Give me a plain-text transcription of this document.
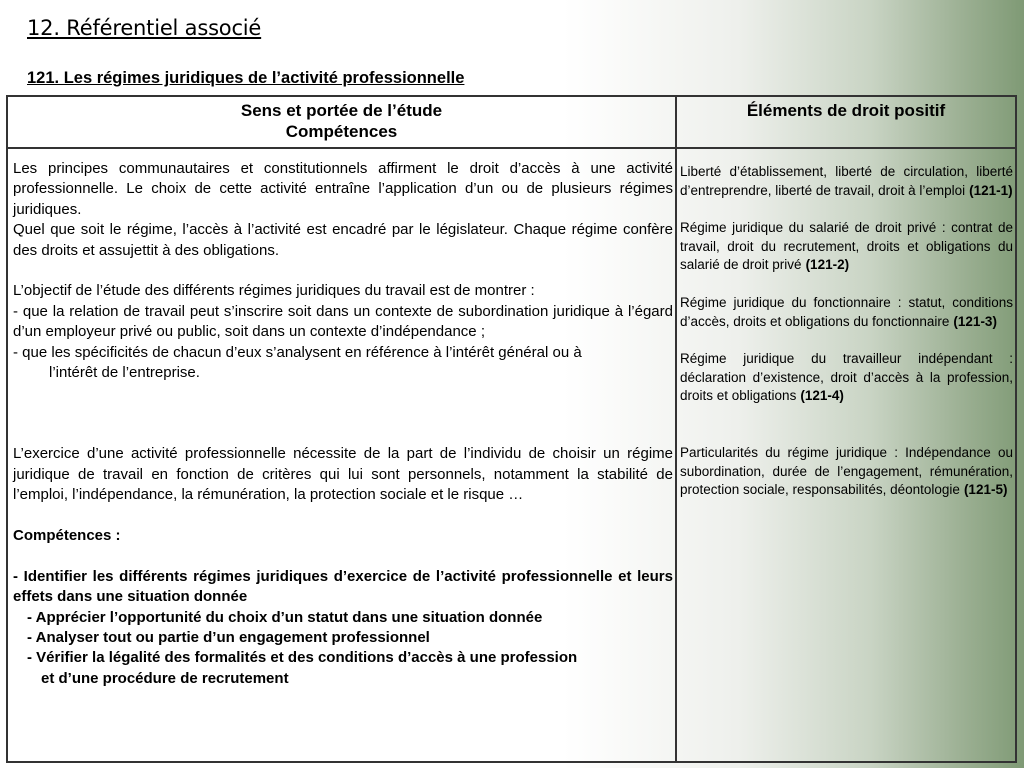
12. Référentiel associé
121. Les régimes juridiques de l’activité professionnelle
Sens et portée de l’étude
Compétences
Éléments de droit positif

Les principes communautaires et constitutionnels affirment le droit d’accès à une activité professionnelle. Le choix de cette activité entraîne l’application d’un ou de plusieurs régimes juridiques.

Quel que soit le régime, l’accès à l’activité est encadré par le législateur. Chaque régime confère des droits et assujettit à des obligations.

L’objectif de l’étude des différents régimes juridiques du travail est de montrer :

- que la relation de travail peut s’inscrire soit dans un contexte de subordination juridique à l’égard d’un employeur privé ou public, soit dans un contexte d’indépendance ;

- que les spécificités de chacun d’eux s’analysent en référence à l’intérêt général ou à

l’intérêt de l’entreprise.

L’exercice d’une activité professionnelle nécessite de la part de l’individu de choisir un régime juridique de travail en fonction de critères qui lui sont personnels, notamment la stabilité de l’emploi, l’indépendance, la rémunération, la protection sociale et le risque …

Compétences :

- Identifier les différents régimes juridiques d’exercice de l’activité professionnelle et leurs effets dans une situation donnée

- Apprécier l’opportunité du choix d’un statut dans une situation donnée

- Analyser tout ou partie d’un engagement professionnel

- Vérifier la légalité des formalités et des conditions d’accès à une profession

et d’une procédure de recrutement

Liberté d’établissement, liberté de circulation, liberté d’entreprendre, liberté de travail, droit à l’emploi (121-1)

Régime juridique du salarié de droit privé : contrat de travail, droit du recrutement, droits et obligations du salarié de droit privé (121-2)

Régime juridique du fonctionnaire : statut, conditions d’accès, droits et obligations du fonctionnaire (121-3)

Régime juridique du travailleur indépendant : déclaration d’existence, droit d’accès à la profession, droits et obligations (121-4)

Particularités du régime juridique : Indépendance ou subordination, durée de l’engagement, rémunération, protection sociale, responsabilités, déontologie (121-5)
